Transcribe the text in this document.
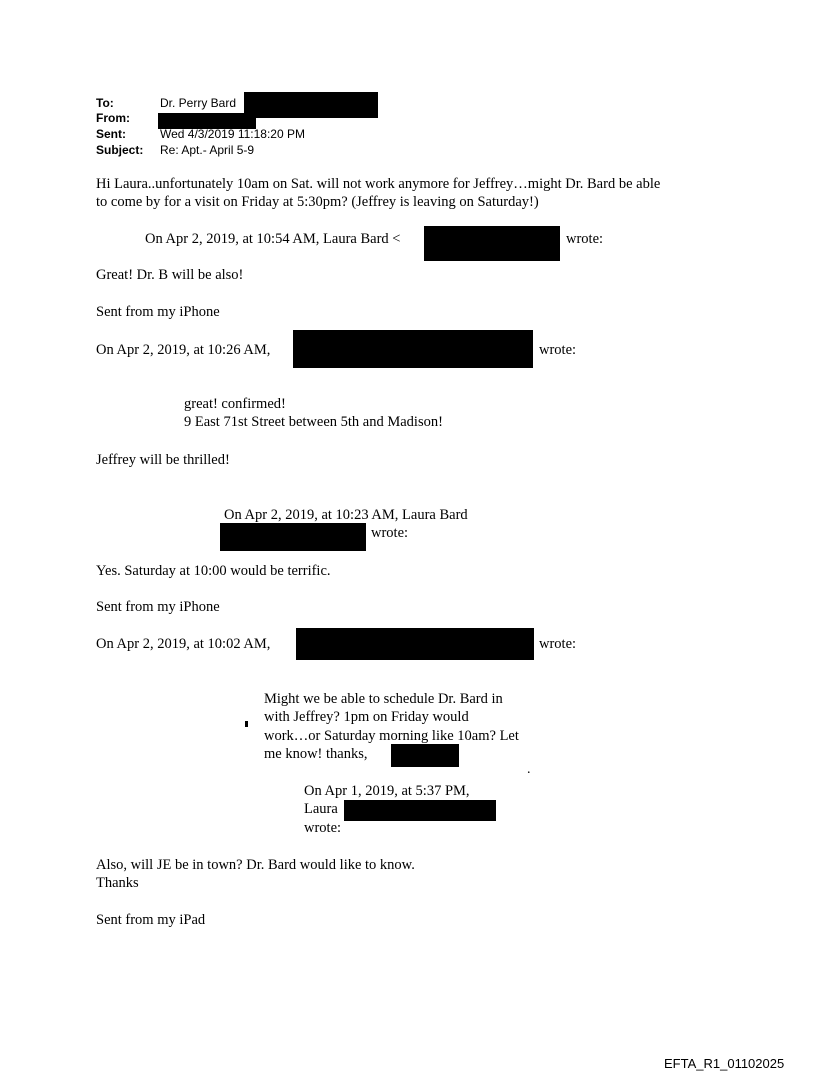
To:	Dr. Perry Bard
From:
Sent:	Wed 4/3/2019 11:18:20 PM
Subject: Re: Apt.- April 5-9
Hi Laura..unfortunately 10am on Sat. will not work anymore for Jeffrey…might Dr. Bard be able
to come by for a visit on Friday at 5:30pm? (Jeffrey is leaving on Saturday!)
On Apr 2, 2019, at 10:54 AM, Laura Bard <	wrote:
Great! Dr. B will be also!
Sent from my iPhone
On Apr 2, 2019, at 10:26 AM,	wrote:
great! confirmed!
9 East 71st Street between 5th and Madison!
Jeffrey will be thrilled!
On Apr 2, 2019, at 10:23 AM, Laura Bard
wrote:
Yes. Saturday at 10:00 would be terrific.
Sent from my iPhone
On Apr 2, 2019, at 10:02 AM,	wrote:
Might we be able to schedule Dr. Bard in
with Jeffrey? 1pm on Friday would
work…or Saturday morning like 10am? Let
me know! thanks,
.
On Apr 1, 2019, at 5:37 PM,
Laura
wrote:
Also, will JE be in town? Dr. Bard would like to know.
Thanks
Sent from my iPad
EFTA_R1_01102025
